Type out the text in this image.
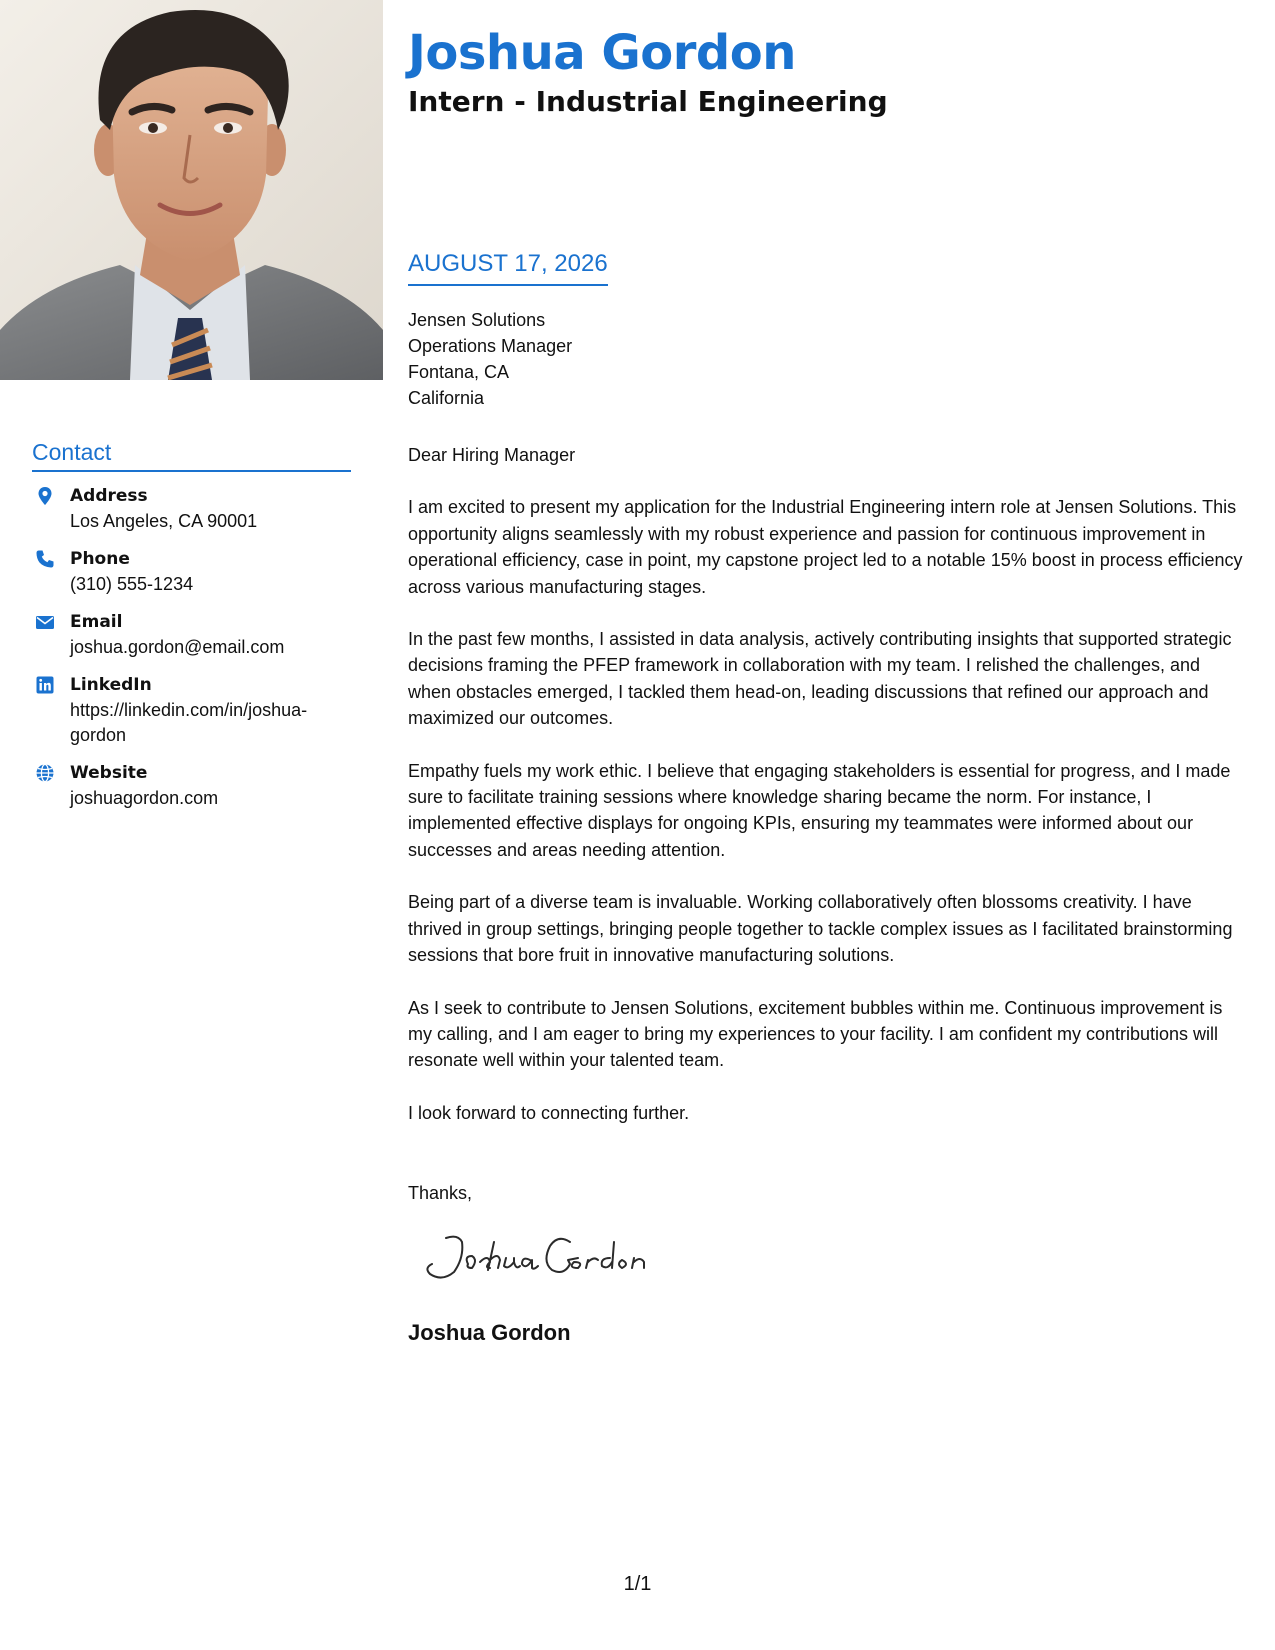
Joshua Gordon
Intern - Industrial Engineering
AUGUST 17, 2026
Jensen Solutions
Operations Manager
Fontana, CA
California

Dear Hiring Manager

I am excited to present my application for the Industrial Engineering intern role at Jensen Solutions. This opportunity aligns seamlessly with my robust experience and passion for continuous improvement in operational efficiency, case in point, my capstone project led to a notable 15% boost in process efficiency across various manufacturing stages.

In the past few months, I assisted in data analysis, actively contributing insights that supported strategic decisions framing the PFEP framework in collaboration with my team. I relished the challenges, and when obstacles emerged, I tackled them head-on, leading discussions that refined our approach and maximized our outcomes.

Empathy fuels my work ethic. I believe that engaging stakeholders is essential for progress, and I made sure to facilitate training sessions where knowledge sharing became the norm. For instance, I implemented effective displays for ongoing KPIs, ensuring my teammates were informed about our successes and areas needing attention.

Being part of a diverse team is invaluable. Working collaboratively often blossoms creativity. I have thrived in group settings, bringing people together to tackle complex issues as I facilitated brainstorming sessions that bore fruit in innovative manufacturing solutions.

As I seek to contribute to Jensen Solutions, excitement bubbles within me. Continuous improvement is my calling, and I am eager to bring my experiences to your facility. I am confident my contributions will resonate well within your talented team.

I look forward to connecting further.

Thanks,
Joshua Gordon
Contact
Address
Los Angeles, CA 90001
Phone
(310) 555-1234
Email
joshua.gordon@email.com
LinkedIn
https://linkedin.com/in/joshua-gordon
Website
joshuagordon.com
1/1
